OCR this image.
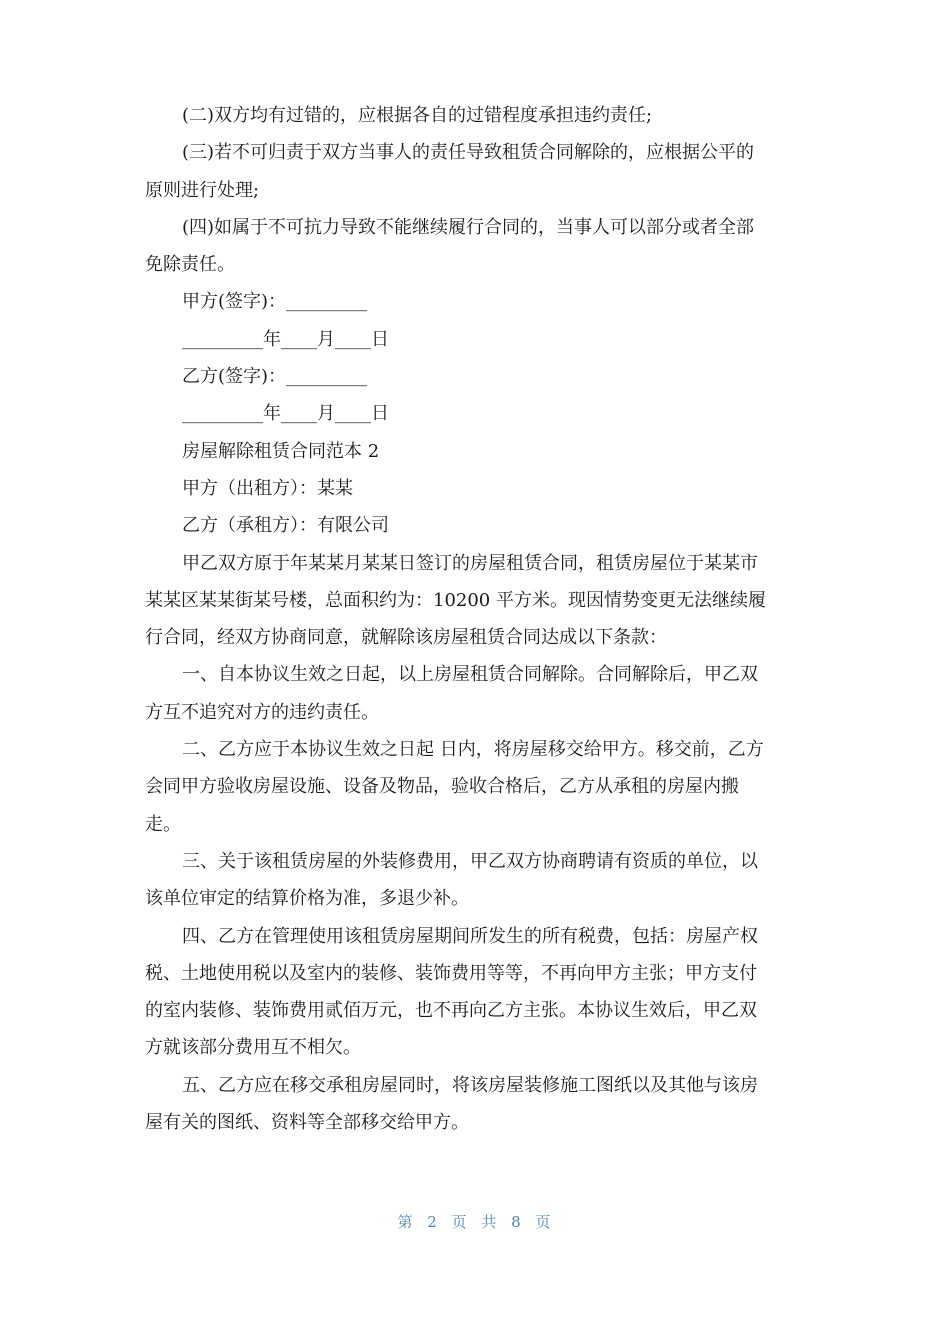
(二)双方均有过错的，应根据各自的过错程度承担违约责任;

(三)若不可归责于双方当事人的责任导致租赁合同解除的，应根据公平的
原则进行处理;

(四)如属于不可抗力导致不能继续履行合同的，当事人可以部分或者全部
免除责任。

甲方(签字)：_________

_________年____月____日

乙方(签字)：_________

_________年____月____日

房屋解除租赁合同范本 2

甲方（出租方）：某某

乙方（承租方）：有限公司

甲乙双方原于年某某月某某日签订的房屋租赁合同，租赁房屋位于某某市
某某区某某街某号楼，总面积约为：10200 平方米。现因情势变更无法继续履
行合同，经双方协商同意，就解除该房屋租赁合同达成以下条款：

一、自本协议生效之日起，以上房屋租赁合同解除。合同解除后，甲乙双
方互不追究对方的违约责任。

二、乙方应于本协议生效之日起 日内，将房屋移交给甲方。移交前，乙方
会同甲方验收房屋设施、设备及物品，验收合格后，乙方从承租的房屋内搬
走。

三、关于该租赁房屋的外装修费用，甲乙双方协商聘请有资质的单位，以
该单位审定的结算价格为准，多退少补。

四、乙方在管理使用该租赁房屋期间所发生的所有税费，包括：房屋产权
税、土地使用税以及室内的装修、装饰费用等等，不再向甲方主张；甲方支付
的室内装修、装饰费用贰佰万元，也不再向乙方主张。本协议生效后，甲乙双
方就该部分费用互不相欠。

五、乙方应在移交承租房屋同时，将该房屋装修施工图纸以及其他与该房
屋有关的图纸、资料等全部移交给甲方。

第 2 页 共 8 页
